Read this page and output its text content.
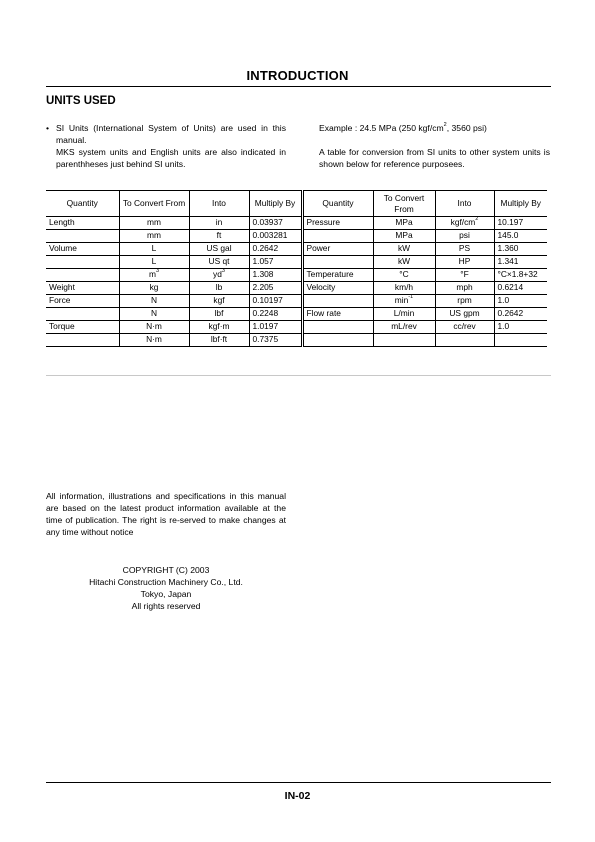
INTRODUCTION
UNITS USED
• SI Units (International System of Units) are used in this manual.

MKS system units and English units are also indicated in parenthheses just behind SI units.

Example : 24.5 MPa (250 kgf/$cm^2$, 3560 psi)

A table for conversion from SI units to other system units is shown below for reference purposees.

Quantity	To Convert From	Into	Multiply By	Quantity	To Convert From	Into	Multiply By
Length	mm	in	0.03937	Pressure	MPa	kgf/$cm^2$	10.197
	mm	ft	0.003281		MPa	psi	145.0
Volume	L	US gal	0.2642	Power	kW	PS	1.360
	L	US qt	1.057		kW	HP	1.341
	$m^3$	$yd^3$	1.308	Temperature	°C	°F	°C×1.8+32
Weight	kg	lb	2.205	Velocity	km/h	mph	0.6214
Force	N	kgf	0.10197		$\min^{-1}$	rpm	1.0
	N	lbf	0.2248	Flow rate	L/min	US gpm	0.2642
Torque	N·m	kgf·m	1.0197		mL/rev	cc/rev	1.0
	N·m	lbf·ft	0.7375				
All information, illustrations and specifications in this manual are based on the latest product information available at the time of publication. The right is re-served to make changes at any time without notice
COPYRIGHT (C) 2003
Hitachi Construction Machinery Co., Ltd.
Tokyo, Japan
All rights reserved
IN-02
